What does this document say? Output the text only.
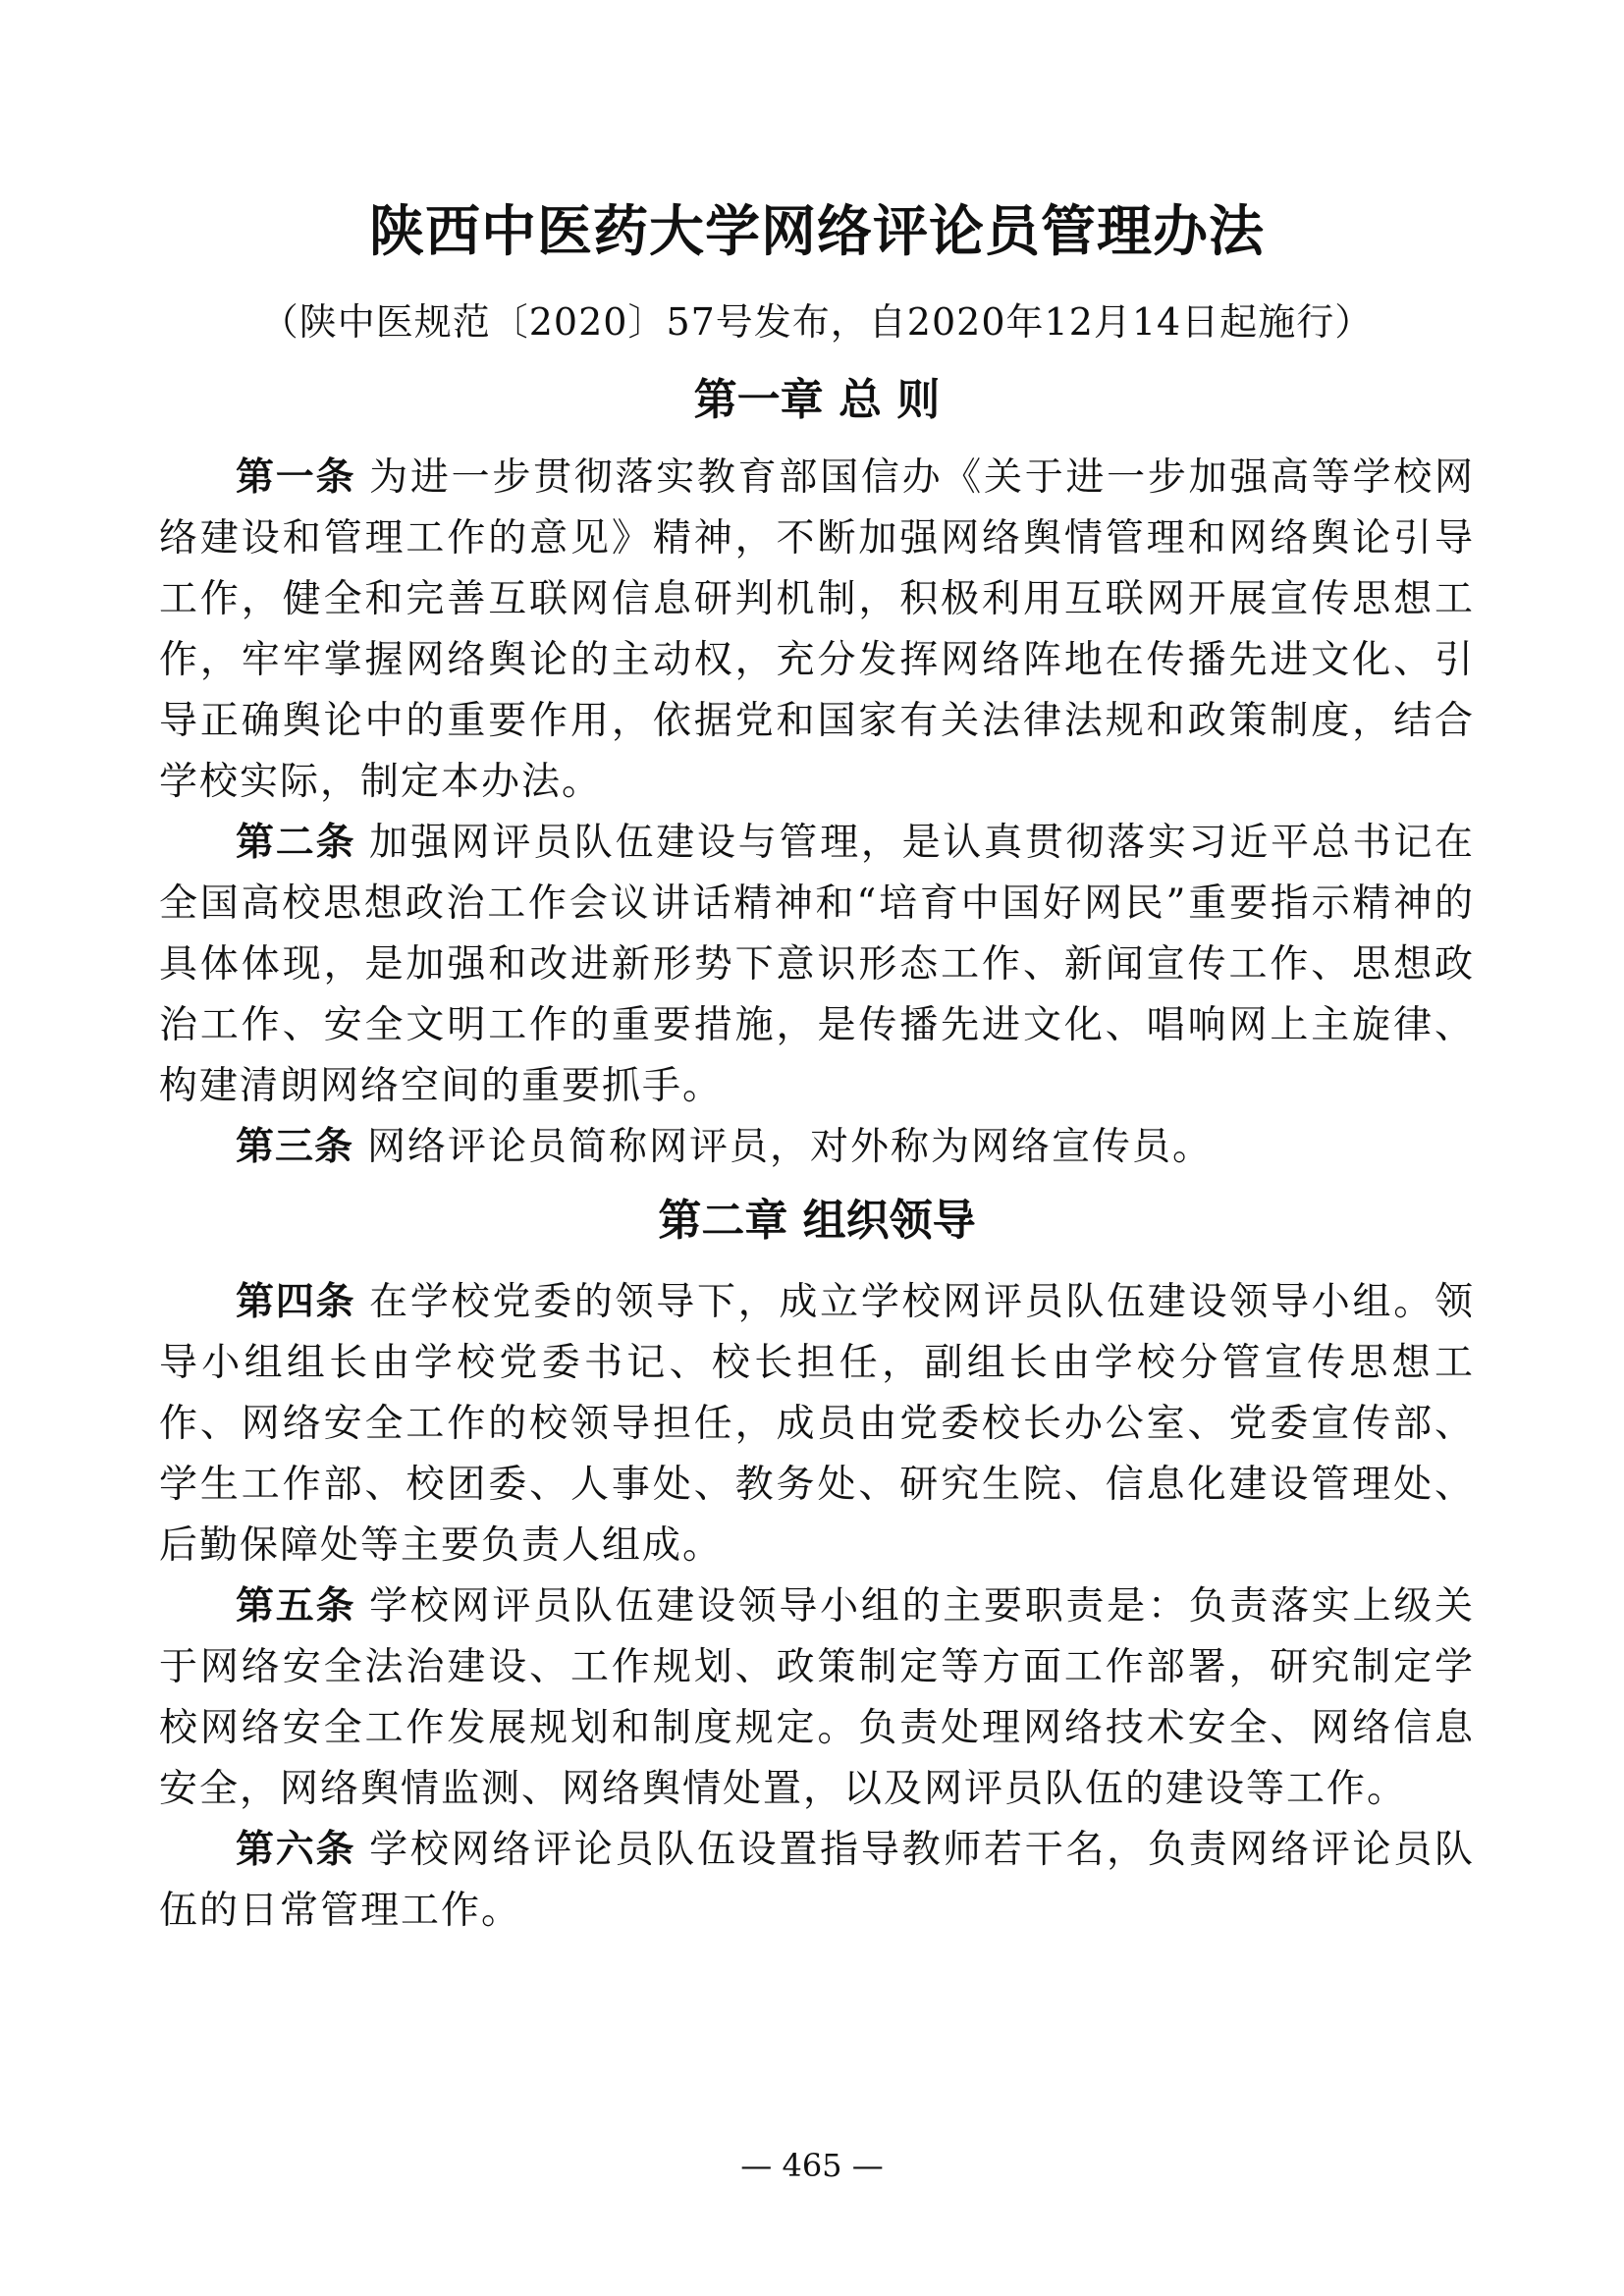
陕西中医药大学网络评论员管理办法

（陕中医规范〔2020〕57号发布，自2020年12月14日起施行）

第一章 总 则

第一条 为进一步贯彻落实教育部国信办《关于进一步加强高等学校网络建设和管理工作的意见》精神，不断加强网络舆情管理和网络舆论引导工作，健全和完善互联网信息研判机制，积极利用互联网开展宣传思想工作，牢牢掌握网络舆论的主动权，充分发挥网络阵地在传播先进文化、引导正确舆论中的重要作用，依据党和国家有关法律法规和政策制度，结合学校实际，制定本办法。

第二条 加强网评员队伍建设与管理，是认真贯彻落实习近平总书记在全国高校思想政治工作会议讲话精神和“培育中国好网民”重要指示精神的具体体现，是加强和改进新形势下意识形态工作、新闻宣传工作、思想政治工作、安全文明工作的重要措施，是传播先进文化、唱响网上主旋律、构建清朗网络空间的重要抓手。

第三条 网络评论员简称网评员，对外称为网络宣传员。

第二章 组织领导

第四条 在学校党委的领导下，成立学校网评员队伍建设领导小组。领导小组组长由学校党委书记、校长担任，副组长由学校分管宣传思想工作、网络安全工作的校领导担任，成员由党委校长办公室、党委宣传部、学生工作部、校团委、人事处、教务处、研究生院、信息化建设管理处、后勤保障处等主要负责人组成。

第五条 学校网评员队伍建设领导小组的主要职责是：负责落实上级关于网络安全法治建设、工作规划、政策制定等方面工作部署，研究制定学校网络安全工作发展规划和制度规定。负责处理网络技术安全、网络信息安全，网络舆情监测、网络舆情处置，以及网评员队伍的建设等工作。

第六条 学校网络评论员队伍设置指导教师若干名，负责网络评论员队伍的日常管理工作。

— 465 —
